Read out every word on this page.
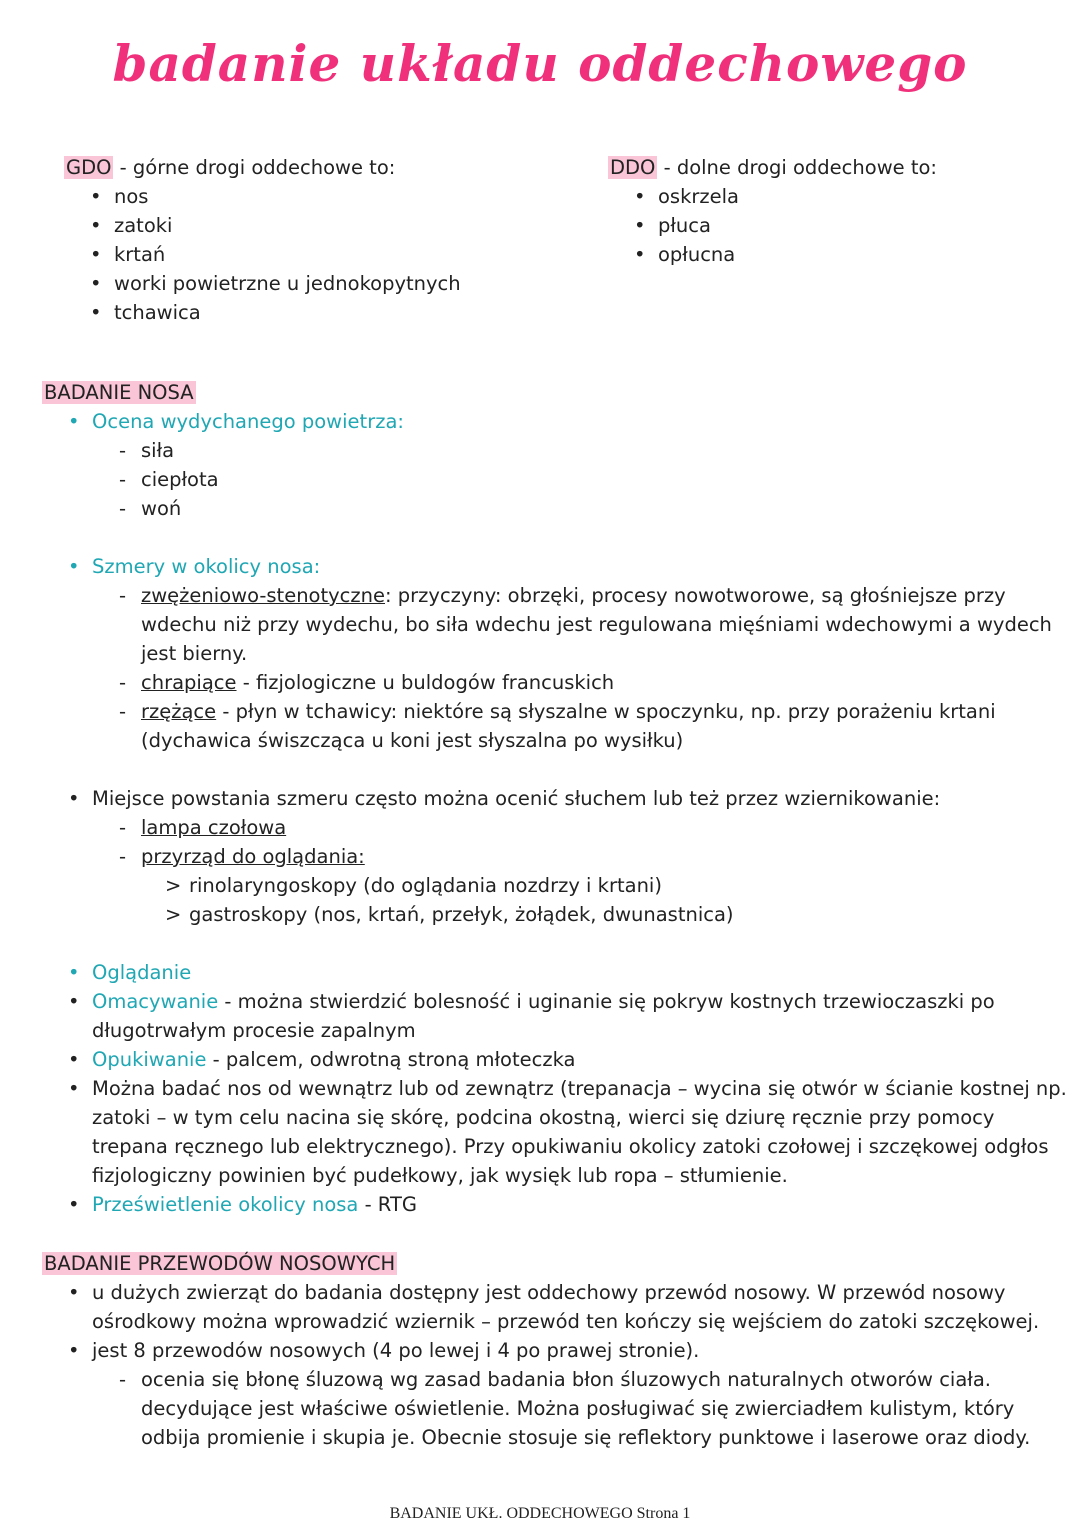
badanie układu oddechowego
GDO - górne drogi oddechowe to:
• nos
• zatoki
• krtań
• worki powietrzne u jednokopytnych
• tchawica
DDO - dolne drogi oddechowe to:
• oskrzela
• płuca
• opłucna
BADANIE NOSA
• Ocena wydychanego powietrza:
- siła
- ciepłota
- woń
• Szmery w okolicy nosa:
- zwężeniowo-stenotyczne: przyczyny: obrzęki, procesy nowotworowe, są głośniejsze przy
wdechu niż przy wydechu, bo siła wdechu jest regulowana mięśniami wdechowymi a wydech
jest bierny.
- chrapiące - fizjologiczne u buldogów francuskich
- rzężące - płyn w tchawicy: niektóre są słyszalne w spoczynku, np. przy porażeniu krtani
(dychawica świszcząca u koni jest słyszalna po wysiłku)
• Miejsce powstania szmeru często można ocenić słuchem lub też przez wziernikowanie:
- lampa czołowa
- przyrząd do oglądania:
> rinolaryngoskopy (do oglądania nozdrzy i krtani)
> gastroskopy (nos, krtań, przełyk, żołądek, dwunastnica)
• Oglądanie
• Omacywanie - można stwierdzić bolesność i uginanie się pokryw kostnych trzewioczaszki po
długotrwałym procesie zapalnym
• Opukiwanie - palcem, odwrotną stroną młoteczka
• Można badać nos od wewnątrz lub od zewnątrz (trepanacja – wycina się otwór w ścianie kostnej np.
zatoki – w tym celu nacina się skórę, podcina okostną, wierci się dziurę ręcznie przy pomocy
trepana ręcznego lub elektrycznego). Przy opukiwaniu okolicy zatoki czołowej i szczękowej odgłos
fizjologiczny powinien być pudełkowy, jak wysięk lub ropa – stłumienie.
• Prześwietlenie okolicy nosa - RTG
BADANIE PRZEWODÓW NOSOWYCH
• u dużych zwierząt do badania dostępny jest oddechowy przewód nosowy. W przewód nosowy
ośrodkowy można wprowadzić wziernik – przewód ten kończy się wejściem do zatoki szczękowej.
• jest 8 przewodów nosowych (4 po lewej i 4 po prawej stronie).
- ocenia się błonę śluzową wg zasad badania błon śluzowych naturalnych otworów ciała.
decydujące jest właściwe oświetlenie. Można posługiwać się zwierciadłem kulistym, który
odbija promienie i skupia je. Obecnie stosuje się reflektory punktowe i laserowe oraz diody.
BADANIE UKŁ. ODDECHOWEGO Strona 1
